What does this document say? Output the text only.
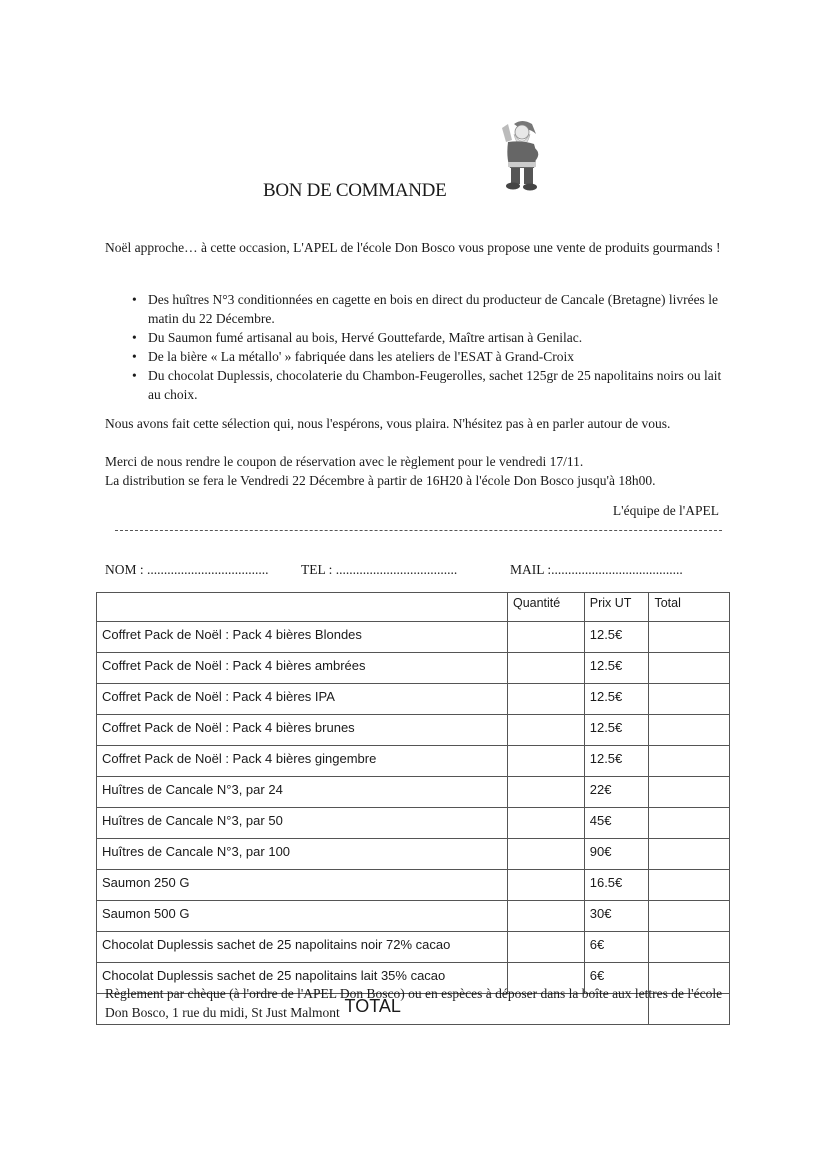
BON DE COMMANDE
Noël approche… à cette occasion, L'APEL de l'école Don Bosco vous propose une vente de produits gourmands !
• Des huîtres N°3 conditionnées en cagette en bois en direct du producteur de Cancale (Bretagne) livrées le matin du 22 Décembre.
• Du Saumon fumé artisanal au bois, Hervé Gouttefarde, Maître artisan à Genilac.
• De la bière « La métallo' » fabriquée dans les ateliers de l'ESAT à Grand-Croix
• Du chocolat Duplessis, chocolaterie du Chambon-Feugerolles, sachet 125gr de 25 napolitains noirs ou lait au choix.
Nous avons fait cette sélection qui, nous l'espérons, vous plaira. N'hésitez pas à en parler autour de vous.
Merci de nous rendre le coupon de réservation avec le règlement pour le vendredi 17/11.
La distribution se fera le Vendredi 22 Décembre à partir de 16H20 à l'école Don Bosco jusqu'à 18h00.
L'équipe de l'APEL
NOM : .................................... TEL : ....................................	MAIL :.......................................
	Quantité	Prix UT	Total
Coffret Pack de Noël : Pack 4 bières Blondes		12.5€	
Coffret Pack de Noël : Pack 4 bières ambrées		12.5€	
Coffret Pack de Noël : Pack 4 bières IPA		12.5€	
Coffret Pack de Noël : Pack 4 bières brunes		12.5€	
Coffret Pack de Noël : Pack 4 bières gingembre		12.5€	
Huîtres de Cancale N°3, par 24		22€	
Huîtres de Cancale N°3, par 50		45€	
Huîtres de Cancale N°3, par 100		90€	
Saumon 250 G		16.5€	
Saumon 500 G		30€	
Chocolat Duplessis sachet de 25 napolitains noir 72% cacao		6€	
Chocolat Duplessis sachet de 25 napolitains lait 35% cacao		6€	
TOTAL			
Règlement par chèque (à l'ordre de l'APEL Don Bosco) ou en espèces à déposer dans la boîte aux lettres de l'école Don Bosco, 1 rue du midi, St Just Malmont
